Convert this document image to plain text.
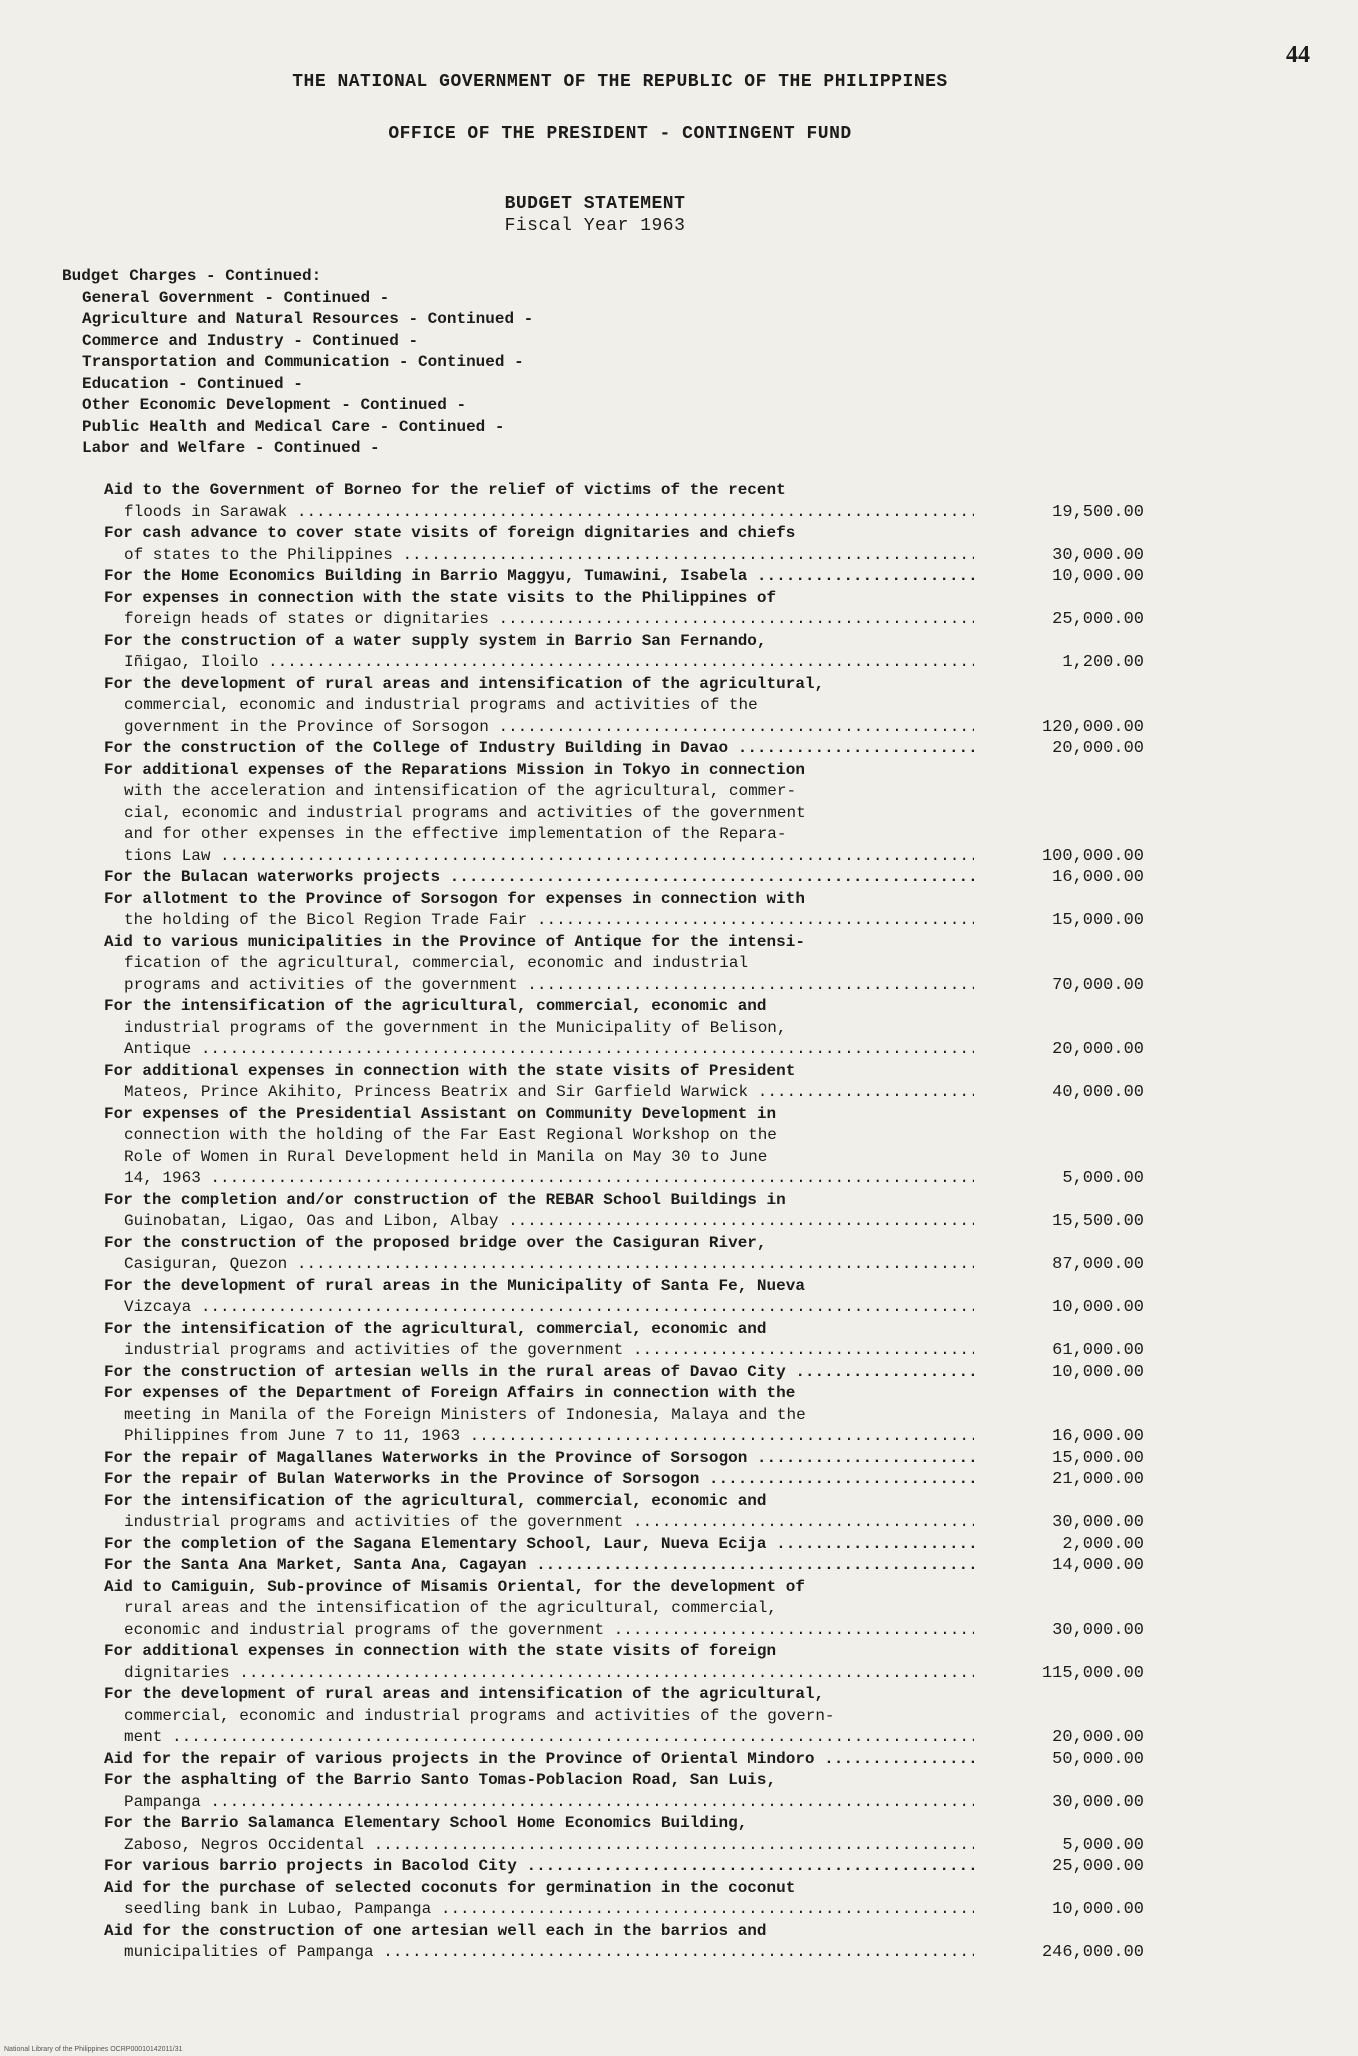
44
THE NATIONAL GOVERNMENT OF THE REPUBLIC OF THE PHILIPPINES
OFFICE OF THE PRESIDENT - CONTINGENT FUND
BUDGET STATEMENT
Fiscal Year 1963
Budget Charges - Continued:
General Government - Continued -
Agriculture and Natural Resources - Continued -
Commerce and Industry - Continued -
Transportation and Communication - Continued -
Education - Continued -
Other Economic Development - Continued -
Public Health and Medical Care - Continued -
Labor and Welfare - Continued -
Aid to the Government of Borneo for the relief of victims of the recent
floods in Sarawak .....	19,500.00
For cash advance to cover state visits of foreign dignitaries and chiefs
of states to the Philippines .....	30,000.00
For the Home Economics Building in Barrio Maggyu, Tumawini, Isabela .....	10,000.00
For expenses in connection with the state visits to the Philippines of
foreign heads of states or dignitaries .....	25,000.00
For the construction of a water supply system in Barrio San Fernando,
Iñigao, Iloilo .....	1,200.00
For the development of rural areas and intensification of the agricultural,
commercial, economic and industrial programs and activities of the
government in the Province of Sorsogon .....	120,000.00
For the construction of the College of Industry Building in Davao .....	20,000.00
For additional expenses of the Reparations Mission in Tokyo in connection
with the acceleration and intensification of the agricultural, commer-
cial, economic and industrial programs and activities of the government
and for other expenses in the effective implementation of the Repara-
tions Law .....	100,000.00
For the Bulacan waterworks projects .....	16,000.00
For allotment to the Province of Sorsogon for expenses in connection with
the holding of the Bicol Region Trade Fair .....	15,000.00
Aid to various municipalities in the Province of Antique for the intensi-
fication of the agricultural, commercial, economic and industrial
programs and activities of the government .....	70,000.00
For the intensification of the agricultural, commercial, economic and
industrial programs of the government in the Municipality of Belison,
Antique .....	20,000.00
For additional expenses in connection with the state visits of President
Mateos, Prince Akihito, Princess Beatrix and Sir Garfield Warwick .....	40,000.00
For expenses of the Presidential Assistant on Community Development in
connection with the holding of the Far East Regional Workshop on the
Role of Women in Rural Development held in Manila on May 30 to June
14, 1963 .....	5,000.00
For the completion and/or construction of the REBAR School Buildings in
Guinobatan, Ligao, Oas and Libon, Albay .....	15,500.00
For the construction of the proposed bridge over the Casiguran River,
Casiguran, Quezon .....	87,000.00
For the development of rural areas in the Municipality of Santa Fe, Nueva
Vizcaya .....	10,000.00
For the intensification of the agricultural, commercial, economic and
industrial programs and activities of the government .....	61,000.00
For the construction of artesian wells in the rural areas of Davao City .....	10,000.00
For expenses of the Department of Foreign Affairs in connection with the
meeting in Manila of the Foreign Ministers of Indonesia, Malaya and the
Philippines from June 7 to 11, 1963 .....	16,000.00
For the repair of Magallanes Waterworks in the Province of Sorsogon .....	15,000.00
For the repair of Bulan Waterworks in the Province of Sorsogon .....	21,000.00
For the intensification of the agricultural, commercial, economic and
industrial programs and activities of the government .....	30,000.00
For the completion of the Sagana Elementary School, Laur, Nueva Ecija .....	2,000.00
For the Santa Ana Market, Santa Ana, Cagayan .....	14,000.00
Aid to Camiguin, Sub-province of Misamis Oriental, for the development of
rural areas and the intensification of the agricultural, commercial,
economic and industrial programs of the government .....	30,000.00
For additional expenses in connection with the state visits of foreign
dignitaries .....	115,000.00
For the development of rural areas and intensification of the agricultural,
commercial, economic and industrial programs and activities of the govern-
ment .....	20,000.00
Aid for the repair of various projects in the Province of Oriental Mindoro .....	50,000.00
For the asphalting of the Barrio Santo Tomas-Poblacion Road, San Luis,
Pampanga .....	30,000.00
For the Barrio Salamanca Elementary School Home Economics Building,
Zaboso, Negros Occidental .....	5,000.00
For various barrio projects in Bacolod City .....	25,000.00
Aid for the purchase of selected coconuts for germination in the coconut
seedling bank in Lubao, Pampanga .....	10,000.00
Aid for the construction of one artesian well each in the barrios and
municipalities of Pampanga .....	246,000.00
National Library of the Philippines OCRP00010142011/31
